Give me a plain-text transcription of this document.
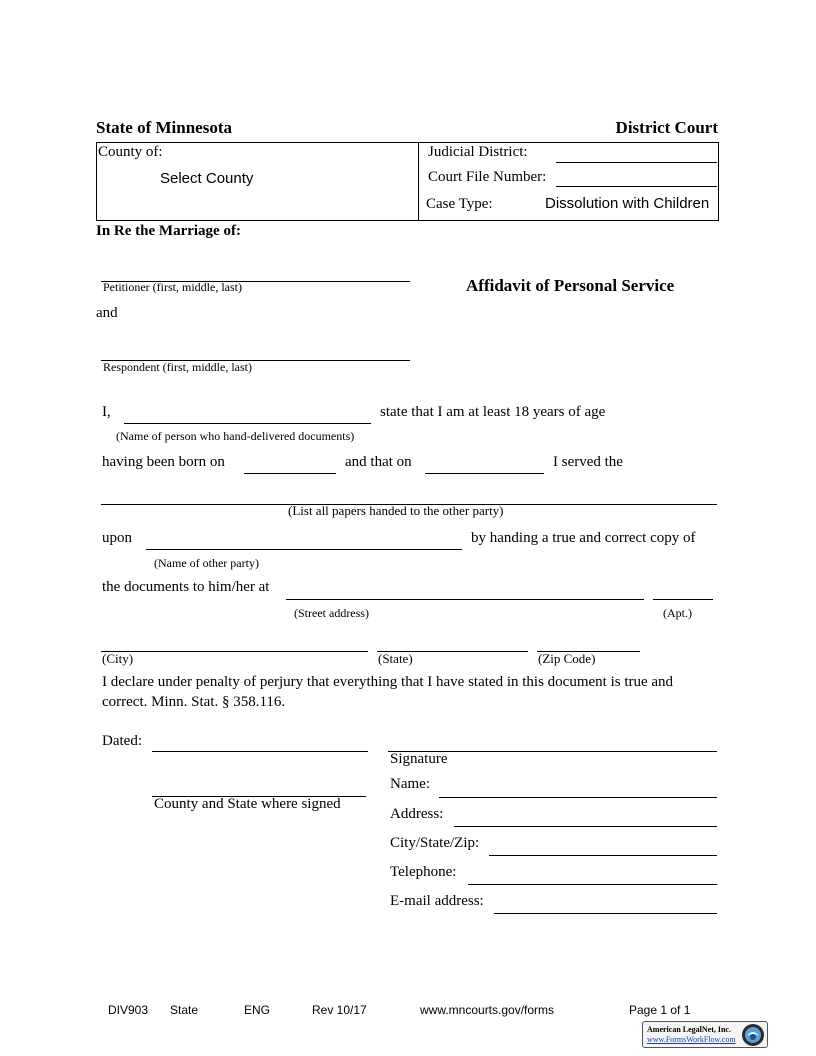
State of Minnesota	District Court
County of:
Select County
Judicial District:
Court File Number:
Case Type:	Dissolution with Children
In Re the Marriage of:
Petitioner (first, middle, last)	Affidavit of Personal Service
and
Respondent (first, middle, last)
I,	state that I am at least 18 years of age
(Name of person who hand-delivered documents)
having been born on	and that on	I served the
(List all papers handed to the other party)
upon	by handing a true and correct copy of
(Name of other party)
the documents to him/her at
(Street address)	(Apt.)
(City)	(State)	(Zip Code)
I declare under penalty of perjury that everything that I have stated in this document is true and
correct. Minn. Stat. § 358.116.
Dated:
County and State where signed
Signature
Name:
Address:
City/State/Zip:
Telephone:
E-mail address:
DIV903 State	ENG	Rev 10/17	www.mncourts.gov/forms	Page 1 of 1
American LegalNet, Inc.
www.FormsWorkFlow.com
